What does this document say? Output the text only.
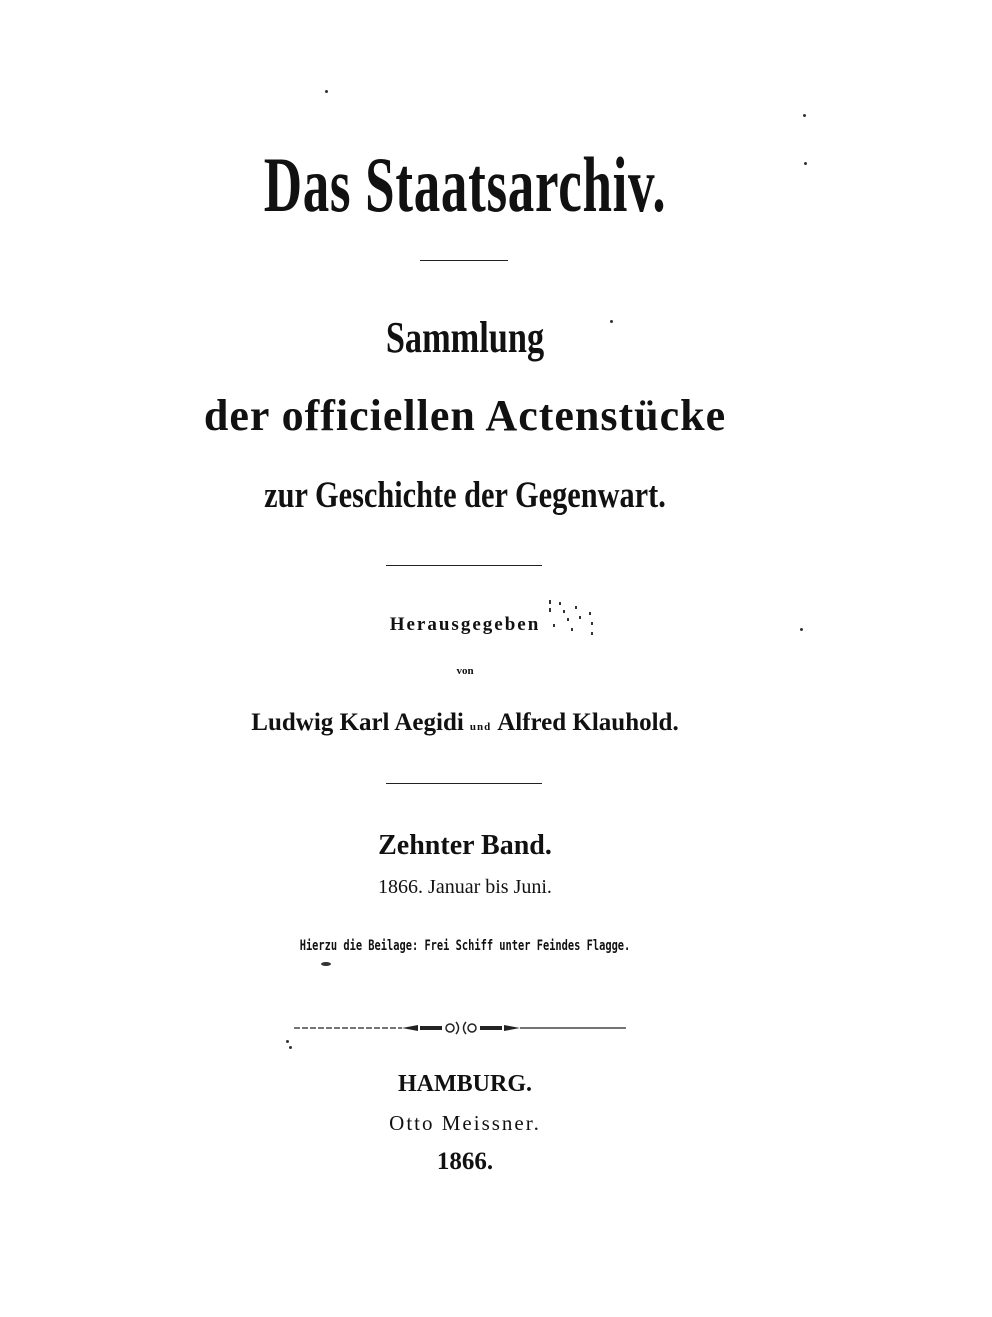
Das Staatsarchiv.
Sammlung
der officiellen Actenstücke
zur Geschichte der Gegenwart.
Herausgegeben
von
Ludwig Karl Aegidi und Alfred Klauhold.
Zehnter Band.
1866. Januar bis Juni.
Hierzu die Beilage: Frei Schiff unter Feindes Flagge.
HAMBURG.
Otto Meissner.
1866.
